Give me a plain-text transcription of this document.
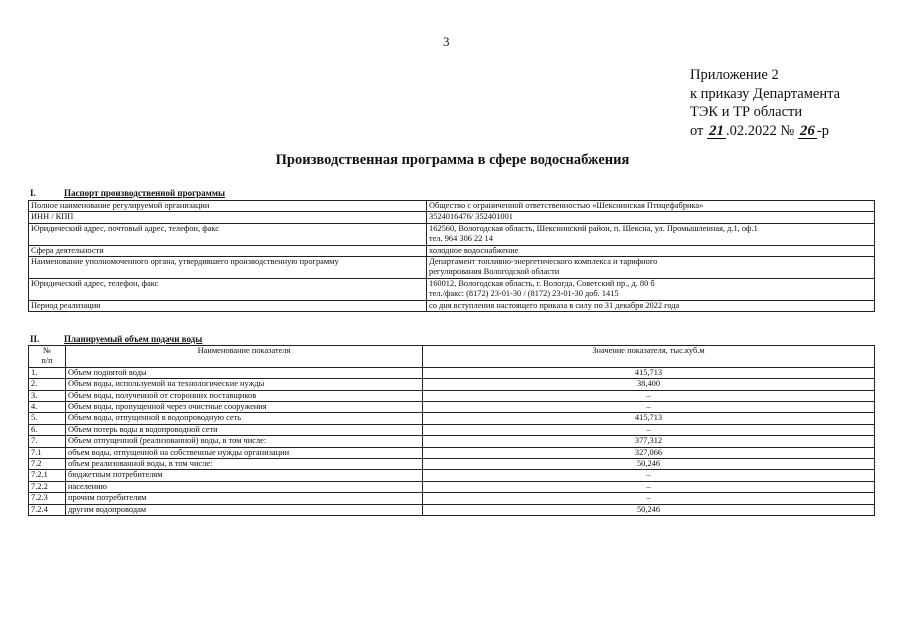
3
Приложение 2
к приказу Департамента
ТЭК и ТР области
от 21 .02.2022 № 26 -р
Производственная программа в сфере водоснабжения
I.	Паспорт производственной программы
Полное наименование регулируемой организации	Общество с ограниченной ответственностью «Шекснинская Птицефабрика»
ИНН / КПП	3524016476/ 352401001
Юридический адрес, почтовый адрес, телефон, факс	162560, Вологодская область, Шекснинский район, п. Шексна, ул. Промышленная, д.1, оф.1
тел. 964 306 22 14
Сфера деятельности	холодное водоснабжение
Наименование уполномоченного органа, утвердившего производственную программу	Департамент топливно-энергетического комплекса и тарифного
регулирования Вологодской области
Юридический адрес, телефон, факс	160012, Вологодская область, г. Вологда, Советский пр., д. 80 б
тел./факс: (8172) 23-01-30 / (8172) 23-01-30 доб. 1415
Период реализации	со дня вступления настоящего приказа в силу по 31 декабря 2022 года
II.	Планируемый объем подачи воды
№
п/п	Наименование показателя	Значение показателя, тыс.куб.м
1.	Объем поднятой воды	415,713
2.	Объем воды, используемой на технологические нужды	38,400
3.	Объем воды, полученной от сторонних поставщиков	–
4.	Объем воды, пропущенной через очистные сооружения	–
5.	Объем воды, отпущенной в водопроводную сеть	415,713
6.	Объем потерь воды в водопроводной сети	–
7.	Объем отпущенной (реализованной) воды, в том числе:	377,312
7.1	объем воды, отпущенной на собственные нужды организации	327,066
7.2	объем реализованной воды, в том числе:	50,246
7.2.1	бюджетным потребителям	–
7.2.2	населению	–
7.2.3	прочим потребителям	–
7.2.4	другим водопроводам	50,246
